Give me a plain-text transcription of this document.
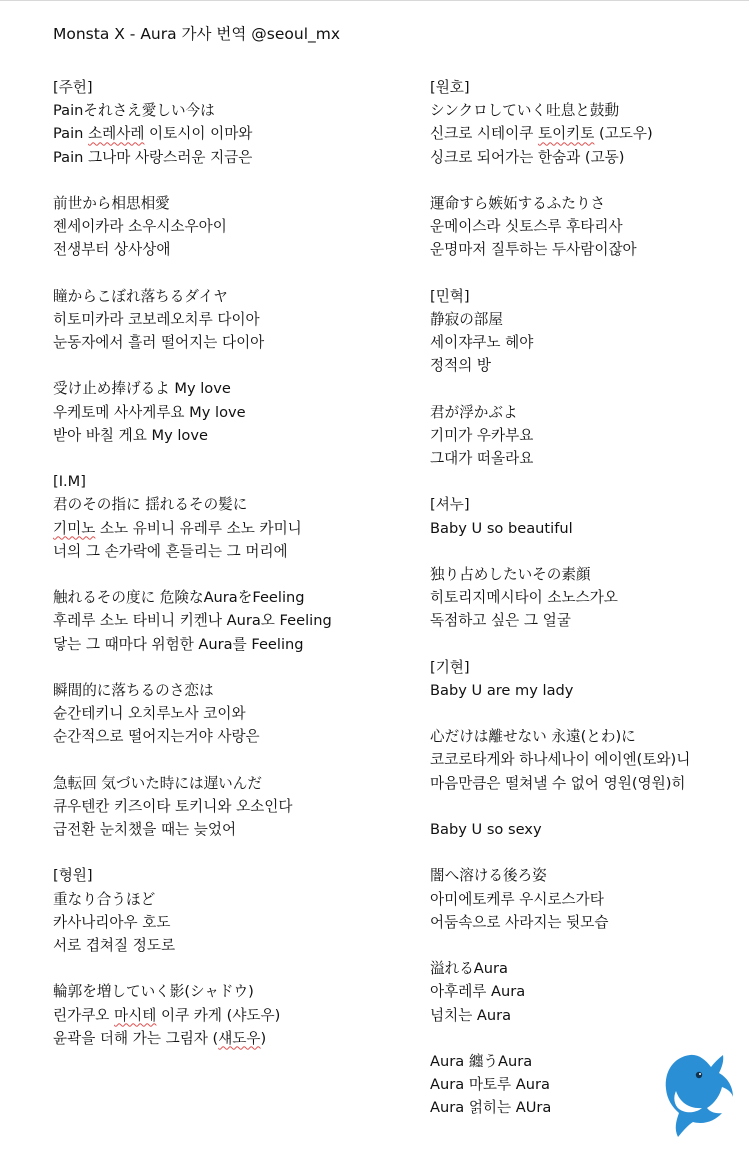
Monsta X - Aura 가사 번역 @seoul_mx
[주헌]
Painそれさえ愛しい今は
Pain 소레사레 이토시이 이마와
Pain 그나마 사랑스러운 지금은
前世から相思相愛
젠세이카라 소우시소우아이
전생부터 상사상애
瞳からこぼれ落ちるダイヤ
히토미카라 코보레오치루 다이아
눈동자에서 흘러 떨어지는 다이아
受け止め捧げるよ My love
우케토메 사사게루요 My love
받아 바칠 게요 My love
[I.M]
君のその指に 揺れるその髪に
기미노 소노 유비니 유레루 소노 카미니
너의 그 손가락에 흔들리는 그 머리에
触れるその度に 危険なAuraをFeeling
후레루 소노 타비니 키켄나 Aura오 Feeling
닿는 그 때마다 위험한 Aura를 Feeling
瞬間的に落ちるのさ恋は
슌간테키니 오치루노사 코이와
순간적으로 떨어지는거야 사랑은
急転回 気づいた時には遅いんだ
큐우텐칸 키즈이타 토키니와 오소인다
급전환 눈치챘을 때는 늦었어
[형원]
重なり合うほど
카사나리아우 호도
서로 겹쳐질 정도로
輪郭を増していく影(シャドウ)
린가쿠오 마시테 이쿠 카게 (샤도우)
윤곽을 더해 가는 그림자 (섀도우)
[원호]
シンクロしていく吐息と鼓動
신크로 시테이쿠 토이키토 (고도우)
싱크로 되어가는 한숨과 (고동)
運命すら嫉妬するふたりさ
운메이스라 싯토스루 후타리사
운명마저 질투하는 두사람이잖아
[민혁]
静寂の部屋
세이쟈쿠노 헤야
정적의 방
君が浮かぶよ
기미가 우카부요
그대가 떠올라요
[셔누]
Baby U so beautiful
独り占めしたいその素顔
히토리지메시타이 소노스가오
독점하고 싶은 그 얼굴
[기현]
Baby U are my lady
心だけは離せない 永遠(とわ)に
코코로타게와 하나세나이 에이엔(토와)니
마음만큼은 떨쳐낼 수 없어 영원(영원)히
Baby U so sexy
闇へ溶ける後ろ姿
아미에토케루 우시로스가타
어둠속으로 사라지는 뒷모습
溢れるAura
아후레루 Aura
넘치는 Aura
Aura 纏うAura
Aura 마토루 Aura
Aura 얽히는 AUra
